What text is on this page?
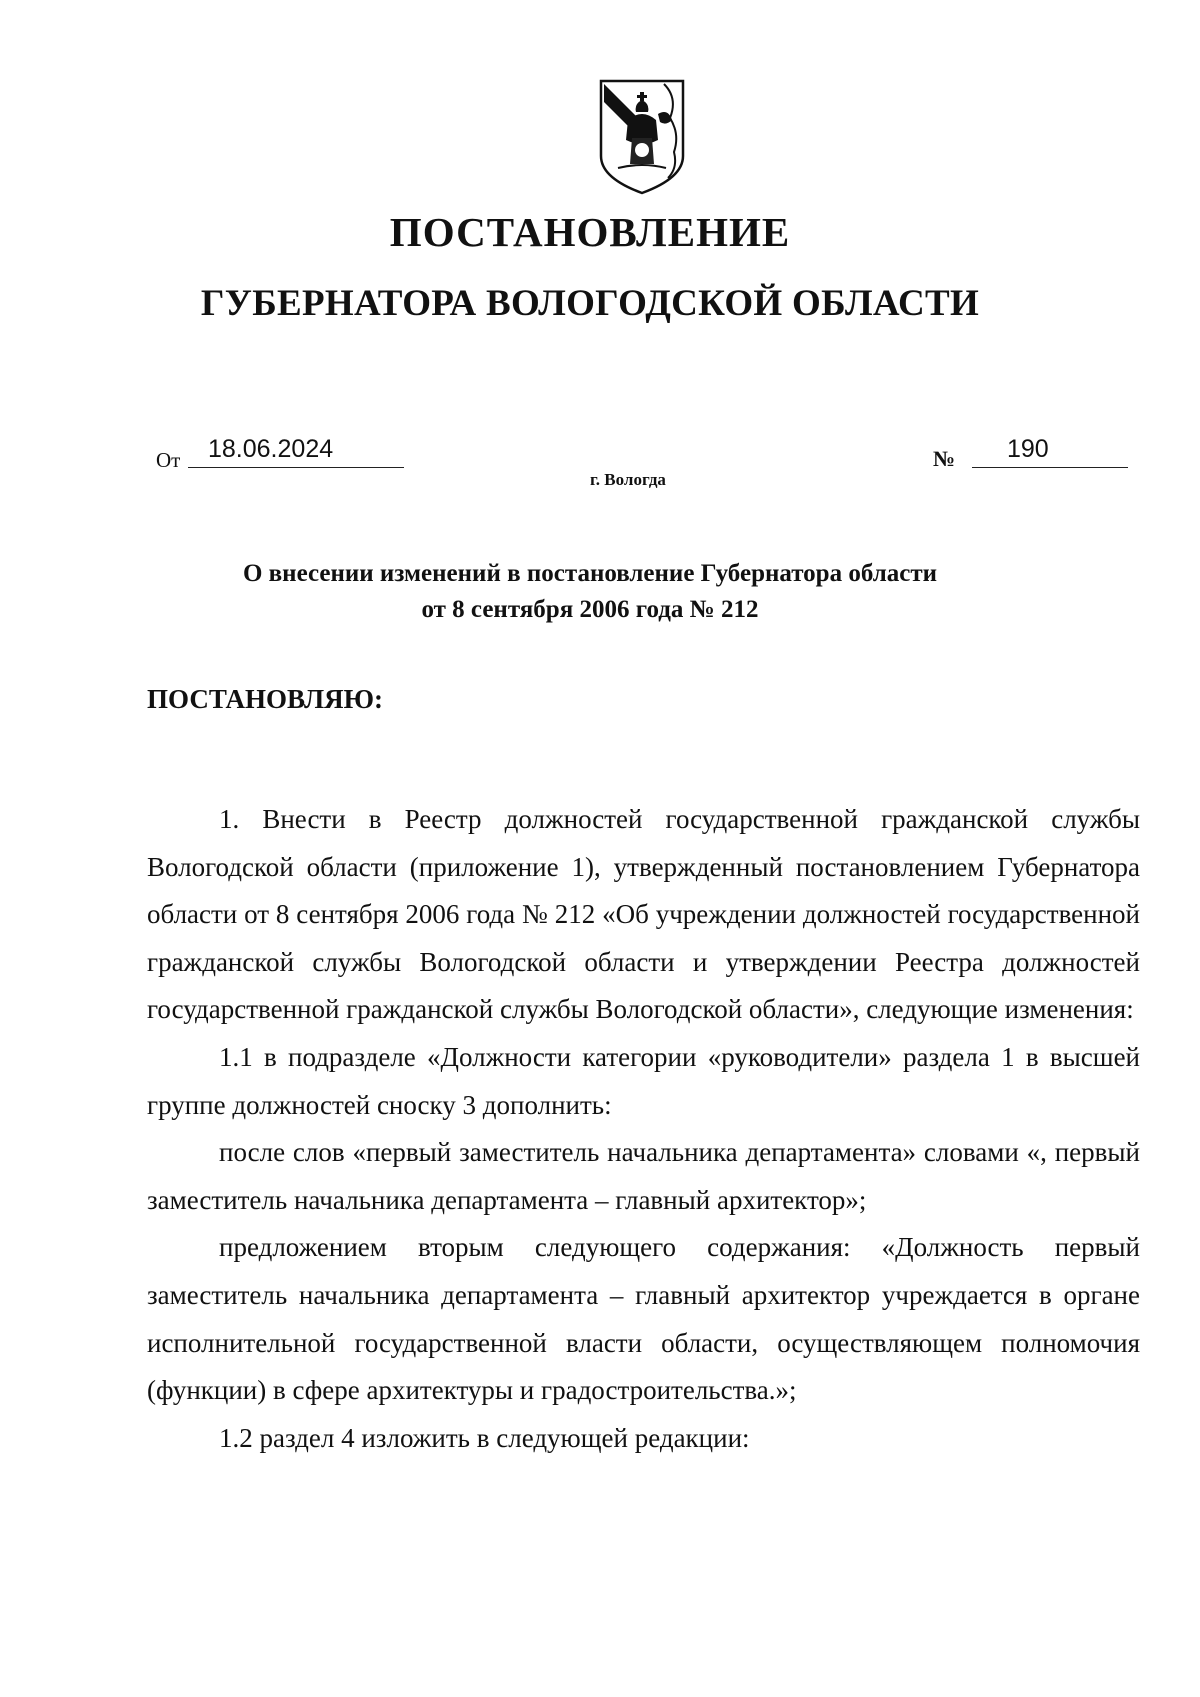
ПОСТАНОВЛЕНИЕ
ГУБЕРНАТОРА ВОЛОГОДСКОЙ ОБЛАСТИ
От	18.06.2024	№	190
г. Вологда
О внесении изменений в постановление Губернатора области
от 8 сентября 2006 года № 212
ПОСТАНОВЛЯЮ:

1. Внести в Реестр должностей государственной гражданской службы Вологодской области (приложение 1), утвержденный постановлением Губернатора области от 8 сентября 2006 года № 212 «Об учреждении должностей государственной гражданской службы Вологодской области и утверждении Реестра должностей государственной гражданской службы Вологодской области», следующие изменения:

1.1 в подразделе «Должности категории «руководители» раздела 1 в высшей группе должностей сноску 3 дополнить:

после слов «первый заместитель начальника департамента» словами «, первый заместитель начальника департамента – главный архитектор»;

предложением вторым следующего содержания: «Должность первый заместитель начальника департамента – главный архитектор учреждается в органе исполнительной государственной власти области, осуществляющем полномочия (функции) в сфере архитектуры и градостроительства.»;

1.2 раздел 4 изложить в следующей редакции:
